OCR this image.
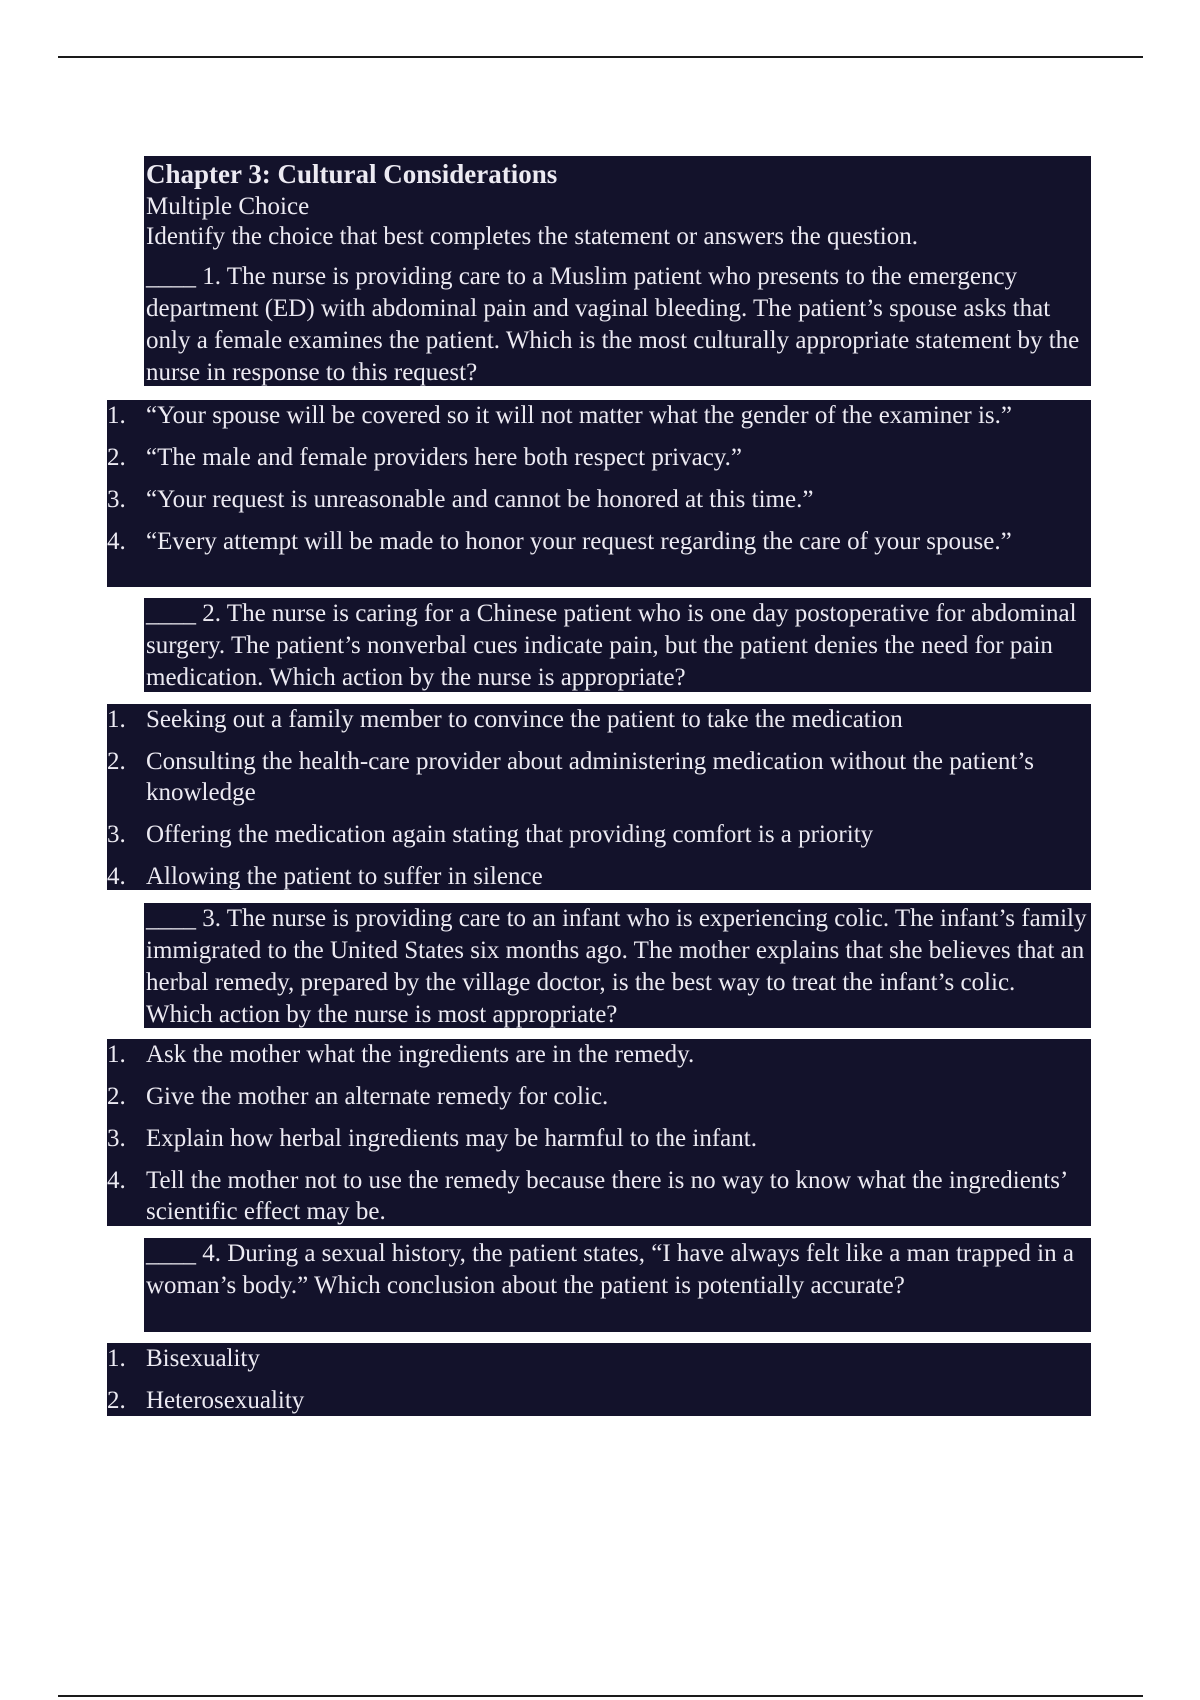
Chapter 3: Cultural Considerations

Multiple Choice

Identify the choice that best completes the statement or answers the question.

____ 1. The nurse is providing care to a Muslim patient who presents to the emergency department (ED) with abdominal pain and vaginal bleeding. The patient’s spouse asks that only a female examines the patient. Which is the most culturally appropriate statement by the nurse in response to this request?
1. “Your spouse will be covered so it will not matter what the gender of the examiner is.”
2. “The male and female providers here both respect privacy.”
3. “Your request is unreasonable and cannot be honored at this time.”
4. “Every attempt will be made to honor your request regarding the care of your spouse.”
____ 2. The nurse is caring for a Chinese patient who is one day postoperative for abdominal surgery. The patient’s nonverbal cues indicate pain, but the patient denies the need for pain medication. Which action by the nurse is appropriate?
1. Seeking out a family member to convince the patient to take the medication
2. Consulting the health-care provider about administering medication without the patient’s knowledge
3. Offering the medication again stating that providing comfort is a priority
4. Allowing the patient to suffer in silence
____ 3. The nurse is providing care to an infant who is experiencing colic. The infant’s family immigrated to the United States six months ago. The mother explains that she believes that an herbal remedy, prepared by the village doctor, is the best way to treat the infant’s colic. Which action by the nurse is most appropriate?
1. Ask the mother what the ingredients are in the remedy.
2. Give the mother an alternate remedy for colic.
3. Explain how herbal ingredients may be harmful to the infant.
4. Tell the mother not to use the remedy because there is no way to know what the ingredients’ scientific effect may be.
____ 4. During a sexual history, the patient states, “I have always felt like a man trapped in a woman’s body.” Which conclusion about the patient is potentially accurate?
1. Bisexuality
2. Heterosexuality
